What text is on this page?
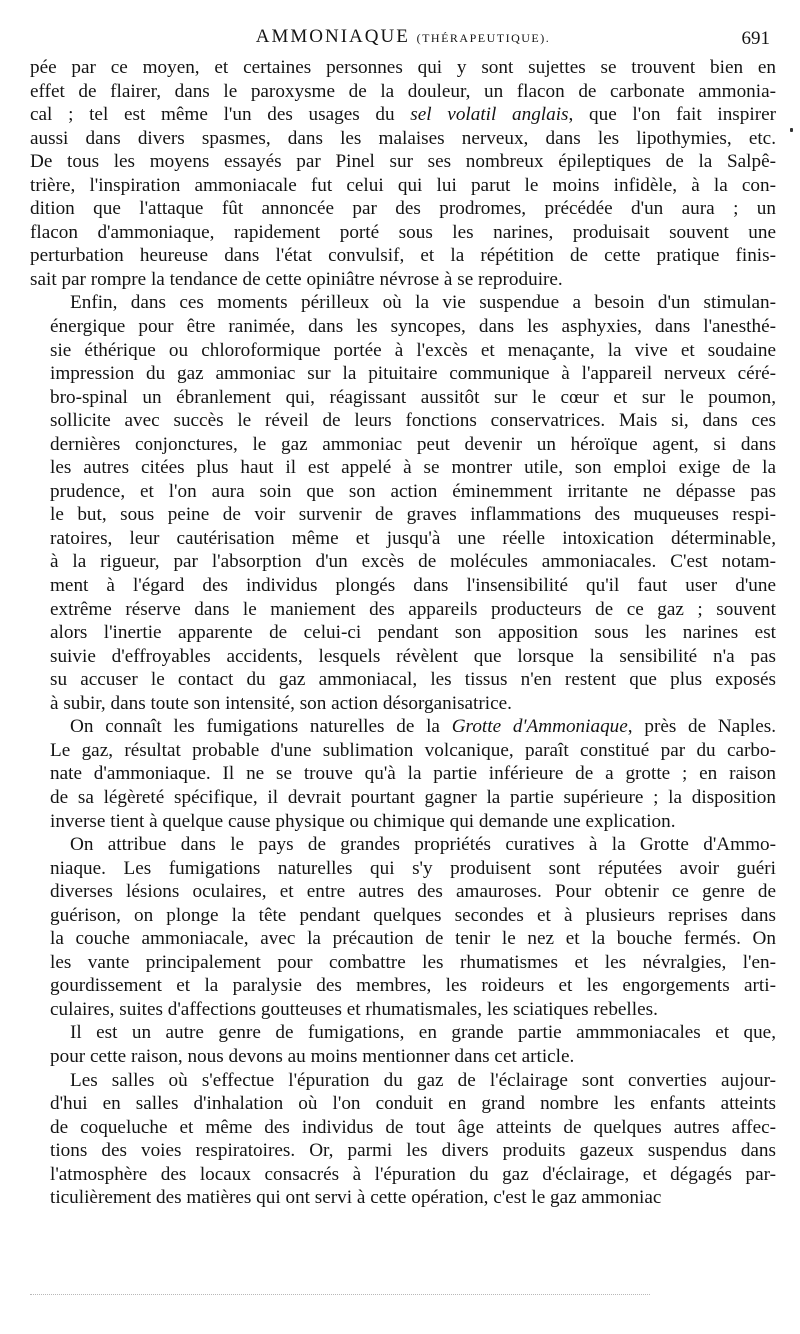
AMMONIAQUE (THÉRAPEUTIQUE).	691

pée par ce moyen, et certaines personnes qui y sont sujettes se trouvent bien en
effet de flairer, dans le paroxysme de la douleur, un flacon de carbonate ammonia-
cal ; tel est même l'un des usages du sel volatil anglais, que l'on fait inspirer
aussi dans divers spasmes, dans les malaises nerveux, dans les lipothymies, etc.
De tous les moyens essayés par Pinel sur ses nombreux épileptiques de la Salpê-
trière, l'inspiration ammoniacale fut celui qui lui parut le moins infidèle, à la con-
dition que l'attaque fût annoncée par des prodromes, précédée d'un aura ; un
flacon d'ammoniaque, rapidement porté sous les narines, produisait souvent une
perturbation heureuse dans l'état convulsif, et la répétition de cette pratique finis-
sait par rompre la tendance de cette opiniâtre névrose à se reproduire.

Enfin, dans ces moments périlleux où la vie suspendue a besoin d'un stimulan-
énergique pour être ranimée, dans les syncopes, dans les asphyxies, dans l'anesthé-
sie éthérique ou chloroformique portée à l'excès et menaçante, la vive et soudaine
impression du gaz ammoniac sur la pituitaire communique à l'appareil nerveux céré-
bro-spinal un ébranlement qui, réagissant aussitôt sur le cœur et sur le poumon,
sollicite avec succès le réveil de leurs fonctions conservatrices. Mais si, dans ces
dernières conjonctures, le gaz ammoniac peut devenir un héroïque agent, si dans
les autres citées plus haut il est appelé à se montrer utile, son emploi exige de la
prudence, et l'on aura soin que son action éminemment irritante ne dépasse pas
le but, sous peine de voir survenir de graves inflammations des muqueuses respi-
ratoires, leur cautérisation même et jusqu'à une réelle intoxication déterminable,
à la rigueur, par l'absorption d'un excès de molécules ammoniacales. C'est notam-
ment à l'égard des individus plongés dans l'insensibilité qu'il faut user d'une
extrême réserve dans le maniement des appareils producteurs de ce gaz ; souvent
alors l'inertie apparente de celui-ci pendant son apposition sous les narines est
suivie d'effroyables accidents, lesquels révèlent que lorsque la sensibilité n'a pas
su accuser le contact du gaz ammoniacal, les tissus n'en restent que plus exposés
à subir, dans toute son intensité, son action désorganisatrice.

On connaît les fumigations naturelles de la Grotte d'Ammoniaque, près de Naples.
Le gaz, résultat probable d'une sublimation volcanique, paraît constitué par du carbo-
nate d'ammoniaque. Il ne se trouve qu'à la partie inférieure de a grotte ; en raison
de sa légèreté spécifique, il devrait pourtant gagner la partie supérieure ; la disposition
inverse tient à quelque cause physique ou chimique qui demande une explication.

On attribue dans le pays de grandes propriétés curatives à la Grotte d'Ammo-
niaque. Les fumigations naturelles qui s'y produisent sont réputées avoir guéri
diverses lésions oculaires, et entre autres des amauroses. Pour obtenir ce genre de
guérison, on plonge la tête pendant quelques secondes et à plusieurs reprises dans
la couche ammoniacale, avec la précaution de tenir le nez et la bouche fermés. On
les vante principalement pour combattre les rhumatismes et les névralgies, l'en-
gourdissement et la paralysie des membres, les roideurs et les engorgements arti-
culaires, suites d'affections goutteuses et rhumatismales, les sciatiques rebelles.

Il est un autre genre de fumigations, en grande partie ammmoniacales et que,
pour cette raison, nous devons au moins mentionner dans cet article.

Les salles où s'effectue l'épuration du gaz de l'éclairage sont converties aujour-
d'hui en salles d'inhalation où l'on conduit en grand nombre les enfants atteints
de coqueluche et même des individus de tout âge atteints de quelques autres affec-
tions des voies respiratoires. Or, parmi les divers produits gazeux suspendus dans
l'atmosphère des locaux consacrés à l'épuration du gaz d'éclairage, et dégagés par-
ticulièrement des matières qui ont servi à cette opération, c'est le gaz ammoniac
